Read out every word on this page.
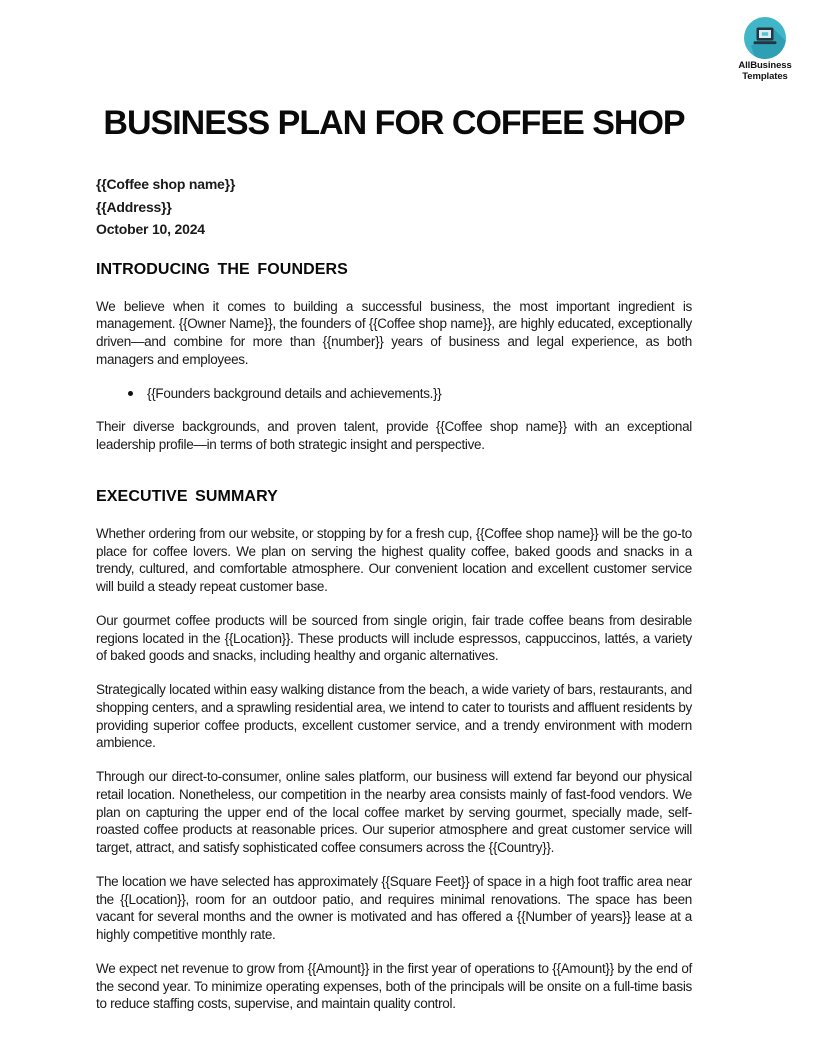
AllBusiness
Templates
BUSINESS PLAN FOR COFFEE SHOP

{{Coffee shop name}}

{{Address}}

October 10, 2024

INTRODUCING THE FOUNDERS

We believe when it comes to building a successful business, the most important ingredient is management. {{Owner Name}}, the founders of {{Coffee shop name}}, are highly educated, exceptionally driven—and combine for more than {{number}} years of business and legal experience, as both managers and employees.

{{Founders background details and achievements.}}

Their diverse backgrounds, and proven talent, provide {{Coffee shop name}} with an exceptional leadership profile—in terms of both strategic insight and perspective.

EXECUTIVE SUMMARY

Whether ordering from our website, or stopping by for a fresh cup, {{Coffee shop name}} will be the go-to place for coffee lovers. We plan on serving the highest quality coffee, baked goods and snacks in a trendy, cultured, and comfortable atmosphere. Our convenient location and excellent customer service will build a steady repeat customer base.

Our gourmet coffee products will be sourced from single origin, fair trade coffee beans from desirable regions located in the {{Location}}. These products will include espressos, cappuccinos, lattés, a variety of baked goods and snacks, including healthy and organic alternatives.

Strategically located within easy walking distance from the beach, a wide variety of bars, restaurants, and shopping centers, and a sprawling residential area, we intend to cater to tourists and affluent residents by providing superior coffee products, excellent customer service, and a trendy environment with modern ambience.

Through our direct-to-consumer, online sales platform, our business will extend far beyond our physical retail location. Nonetheless, our competition in the nearby area consists mainly of fast-food vendors. We plan on capturing the upper end of the local coffee market by serving gourmet, specially made, self-roasted coffee products at reasonable prices. Our superior atmosphere and great customer service will target, attract, and satisfy sophisticated coffee consumers across the {{Country}}.

The location we have selected has approximately {{Square Feet}} of space in a high foot traffic area near the {{Location}}, room for an outdoor patio, and requires minimal renovations. The space has been vacant for several months and the owner is motivated and has offered a {{Number of years}} lease at a highly competitive monthly rate.

We expect net revenue to grow from {{Amount}} in the first year of operations to {{Amount}} by the end of the second year. To minimize operating expenses, both of the principals will be onsite on a full-time basis to reduce staffing costs, supervise, and maintain quality control.
